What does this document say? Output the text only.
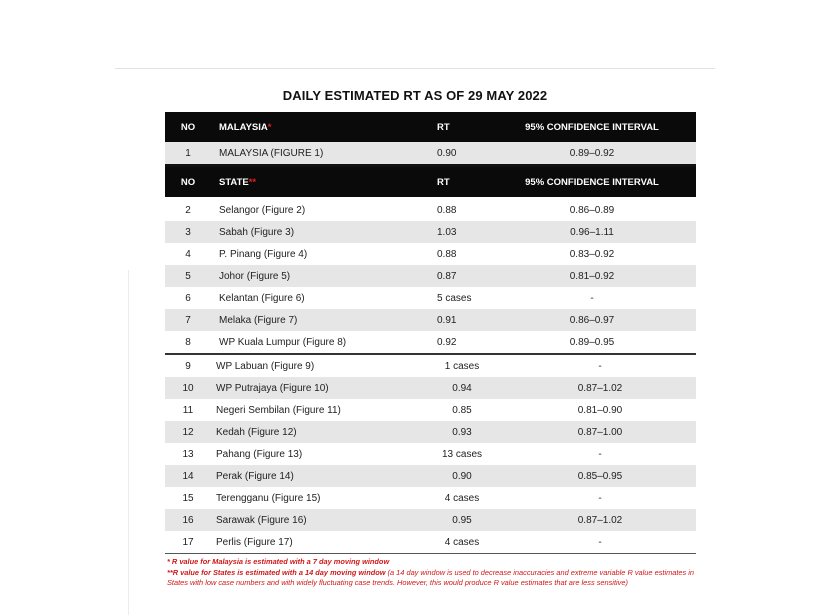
DAILY ESTIMATED RT AS OF 29 MAY 2022
NO	MALAYSIA *	RT	95% CONFIDENCE INTERVAL
1	MALAYSIA (FIGURE 1)	0.90	0.89–0.92
NO	STATE **	RT	95% CONFIDENCE INTERVAL
2	Selangor (Figure 2)	0.88	0.86–0.89
3	Sabah (Figure 3)	1.03	0.96–1.11
4	P. Pinang (Figure 4)	0.88	0.83–0.92
5	Johor (Figure 5)	0.87	0.81–0.92
6	Kelantan (Figure 6)	5 cases	-
7	Melaka (Figure 7)	0.91	0.86–0.97
8	WP Kuala Lumpur (Figure 8)	0.92	0.89–0.95
9	WP Labuan (Figure 9)	1 cases	-
10	WP Putrajaya (Figure 10)	0.94	0.87–1.02
11	Negeri Sembilan (Figure 11)	0.85	0.81–0.90
12	Kedah (Figure 12)	0.93	0.87–1.00
13	Pahang (Figure 13)	13 cases	-
14	Perak (Figure 14)	0.90	0.85–0.95
15	Terengganu (Figure 15)	4 cases	-
16	Sarawak (Figure 16)	0.95	0.87–1.02
17	Perlis (Figure 17)	4 cases	-

* R value for Malaysia is estimated with a 7 day moving window

**R value for States is estimated with a 14 day moving window (a 14 day window is used to decrease inaccuracies and extreme variable R value estimates in States with low case numbers and with widely fluctuating case trends. However, this would produce R value estimates that are less sensitive)
